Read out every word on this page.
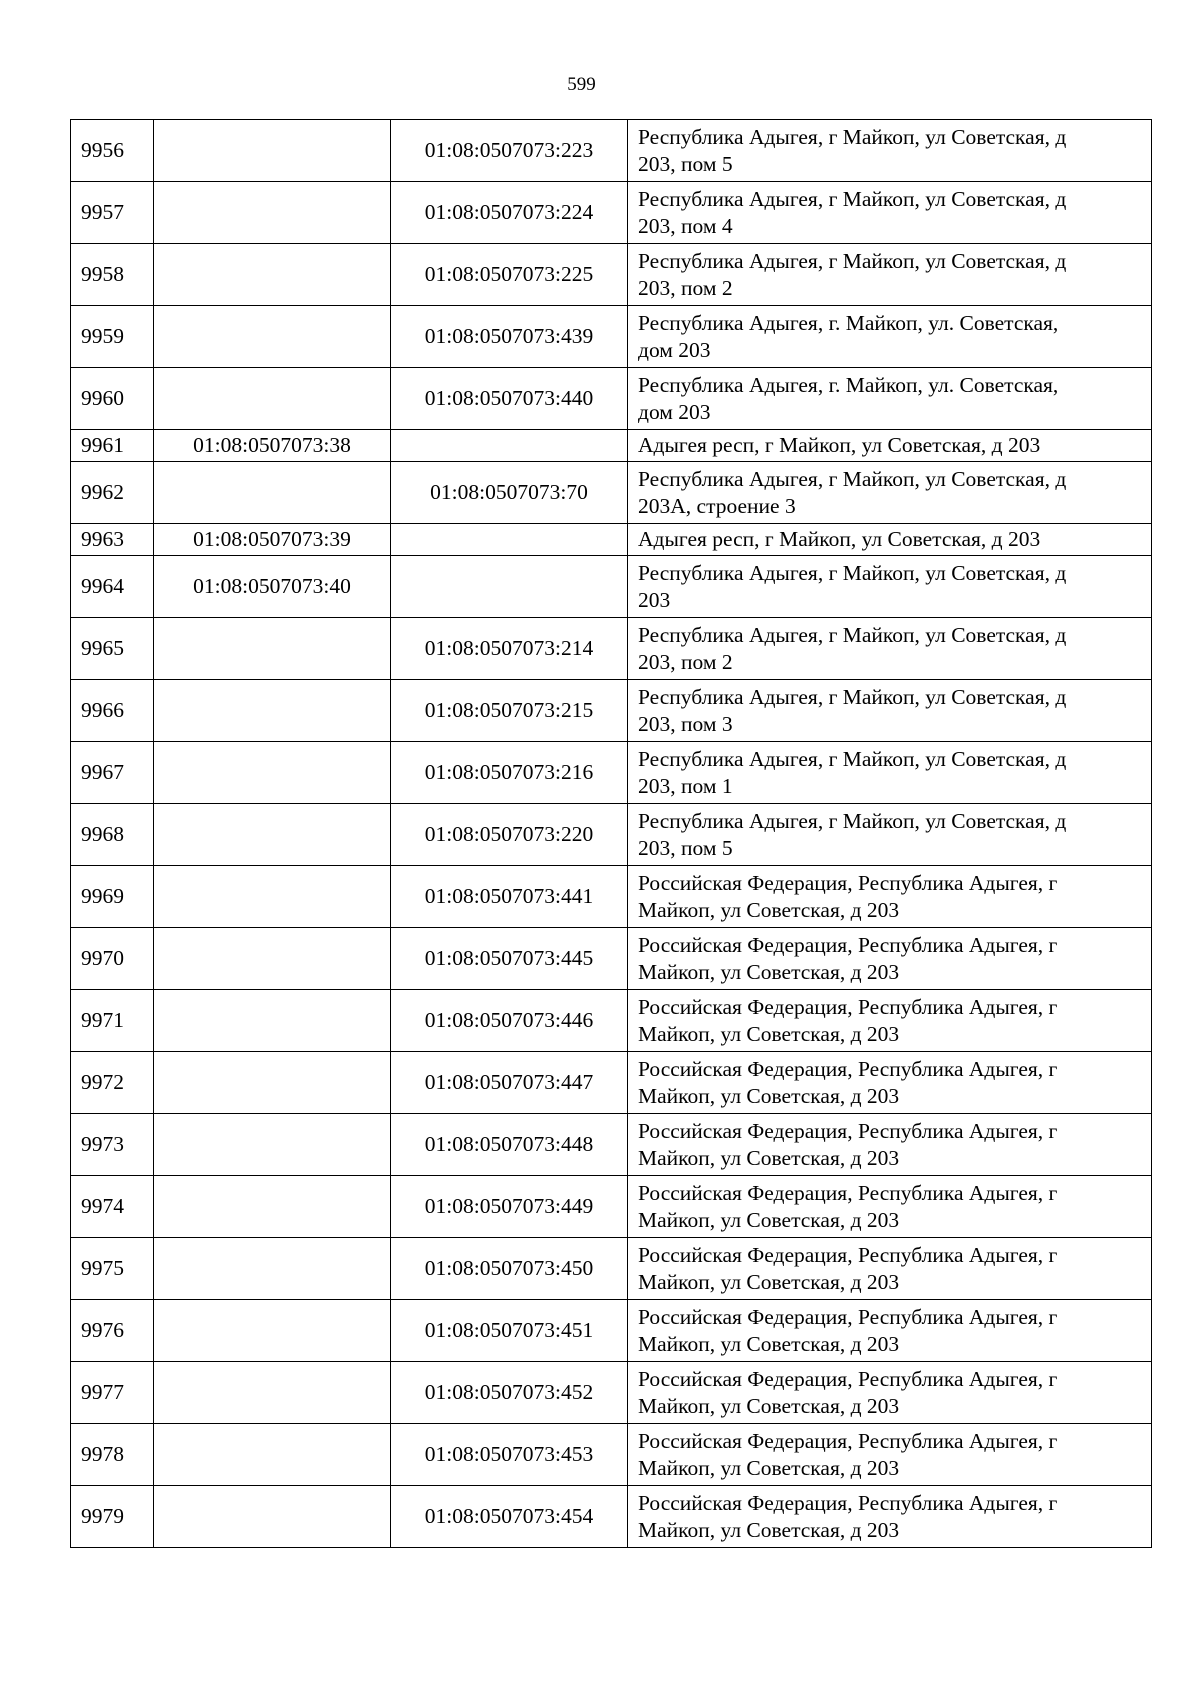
599
9956		01:08:0507073:223	Республика Адыгея, г Майкоп, ул Советская, д
203, пом 5

9957		01:08:0507073:224	Республика Адыгея, г Майкоп, ул Советская, д
203, пом 4

9958		01:08:0507073:225	Республика Адыгея, г Майкоп, ул Советская, д
203, пом 2

9959		01:08:0507073:439	Республика Адыгея, г. Майкоп, ул. Советская,
дом 203

9960		01:08:0507073:440	Республика Адыгея, г. Майкоп, ул. Советская,
дом 203

9961	01:08:0507073:38		Адыгея респ, г Майкоп, ул Советская, д 203

9962		01:08:0507073:70	Республика Адыгея, г Майкоп, ул Советская, д
203А, строение 3

9963	01:08:0507073:39		Адыгея респ, г Майкоп, ул Советская, д 203

9964	01:08:0507073:40		Республика Адыгея, г Майкоп, ул Советская, д
203

9965		01:08:0507073:214	Республика Адыгея, г Майкоп, ул Советская, д
203, пом 2

9966		01:08:0507073:215	Республика Адыгея, г Майкоп, ул Советская, д
203, пом 3

9967		01:08:0507073:216	Республика Адыгея, г Майкоп, ул Советская, д
203, пом 1

9968		01:08:0507073:220	Республика Адыгея, г Майкоп, ул Советская, д
203, пом 5

9969		01:08:0507073:441	Российская Федерация, Республика Адыгея, г
Майкоп, ул Советская, д 203

9970		01:08:0507073:445	Российская Федерация, Республика Адыгея, г
Майкоп, ул Советская, д 203

9971		01:08:0507073:446	Российская Федерация, Республика Адыгея, г
Майкоп, ул Советская, д 203

9972		01:08:0507073:447	Российская Федерация, Республика Адыгея, г
Майкоп, ул Советская, д 203

9973		01:08:0507073:448	Российская Федерация, Республика Адыгея, г
Майкоп, ул Советская, д 203

9974		01:08:0507073:449	Российская Федерация, Республика Адыгея, г
Майкоп, ул Советская, д 203

9975		01:08:0507073:450	Российская Федерация, Республика Адыгея, г
Майкоп, ул Советская, д 203

9976		01:08:0507073:451	Российская Федерация, Республика Адыгея, г
Майкоп, ул Советская, д 203

9977		01:08:0507073:452	Российская Федерация, Республика Адыгея, г
Майкоп, ул Советская, д 203

9978		01:08:0507073:453	Российская Федерация, Республика Адыгея, г
Майкоп, ул Советская, д 203

9979		01:08:0507073:454	Российская Федерация, Республика Адыгея, г
Майкоп, ул Советская, д 203
